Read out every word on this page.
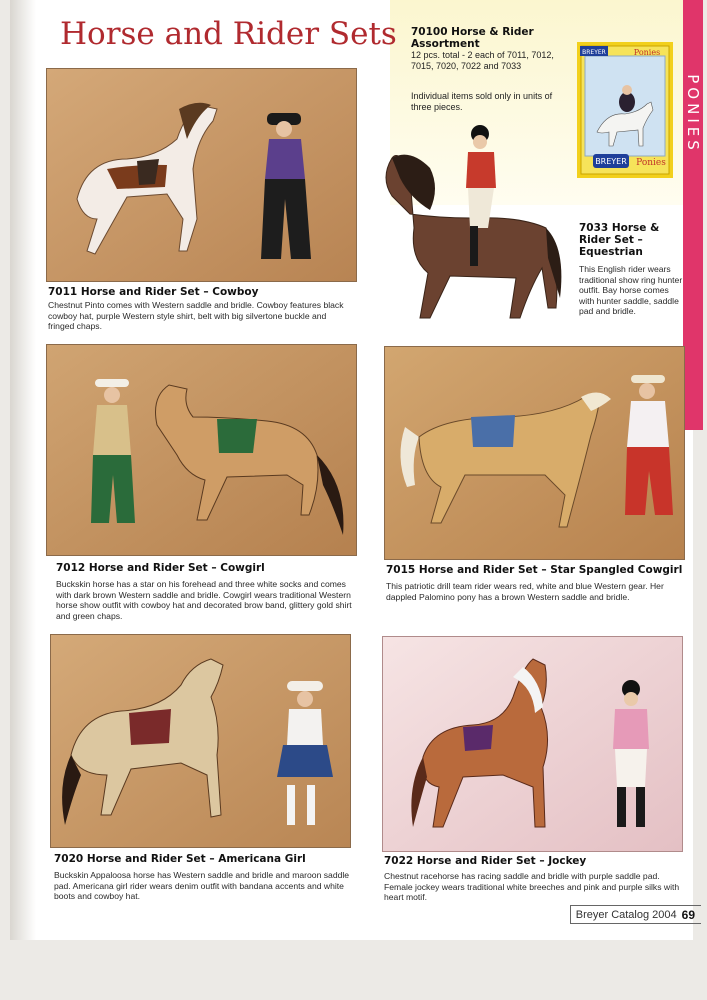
PONIES
Horse and Rider Sets 70100 Horse & Rider Assortment

12 pcs. total - 2 each of 7011, 7012, 7015, 7020, 7022 and 7033

Individual items sold only in units of three pieces.

BREYER	Ponies
BREYER Ponies

7011 Horse and Rider Set – Cowboy

Chestnut Pinto comes with Western saddle and bridle. Cowboy features black cowboy hat, purple Western style shirt, belt with big silvertone buckle and fringed chaps.

7033 Horse & Rider Set – Equestrian

This English rider wears traditional show ring hunter outfit. Bay horse comes with hunter saddle, saddle pad and bridle.

7012 Horse and Rider Set – Cowgirl

Buckskin horse has a star on his forehead and three white socks and comes with dark brown Western saddle and bridle. Cowgirl wears traditional Western horse show outfit with cowboy hat and decorated brow band, glittery gold shirt and green chaps.

7015 Horse and Rider Set – Star Spangled Cowgirl

This patriotic drill team rider wears red, white and blue Western gear. Her dappled Palomino pony has a brown Western saddle and bridle.

7020 Horse and Rider Set – Americana Girl

Buckskin Appaloosa horse has Western saddle and bridle and maroon saddle pad. Americana girl rider wears denim outfit with bandana accents and white boots and cowboy hat.

7022 Horse and Rider Set – Jockey

Chestnut racehorse has racing saddle and bridle with purple saddle pad. Female jockey wears traditional white breeches and pink and purple silks with heart motif.

Breyer Catalog 2004 69
